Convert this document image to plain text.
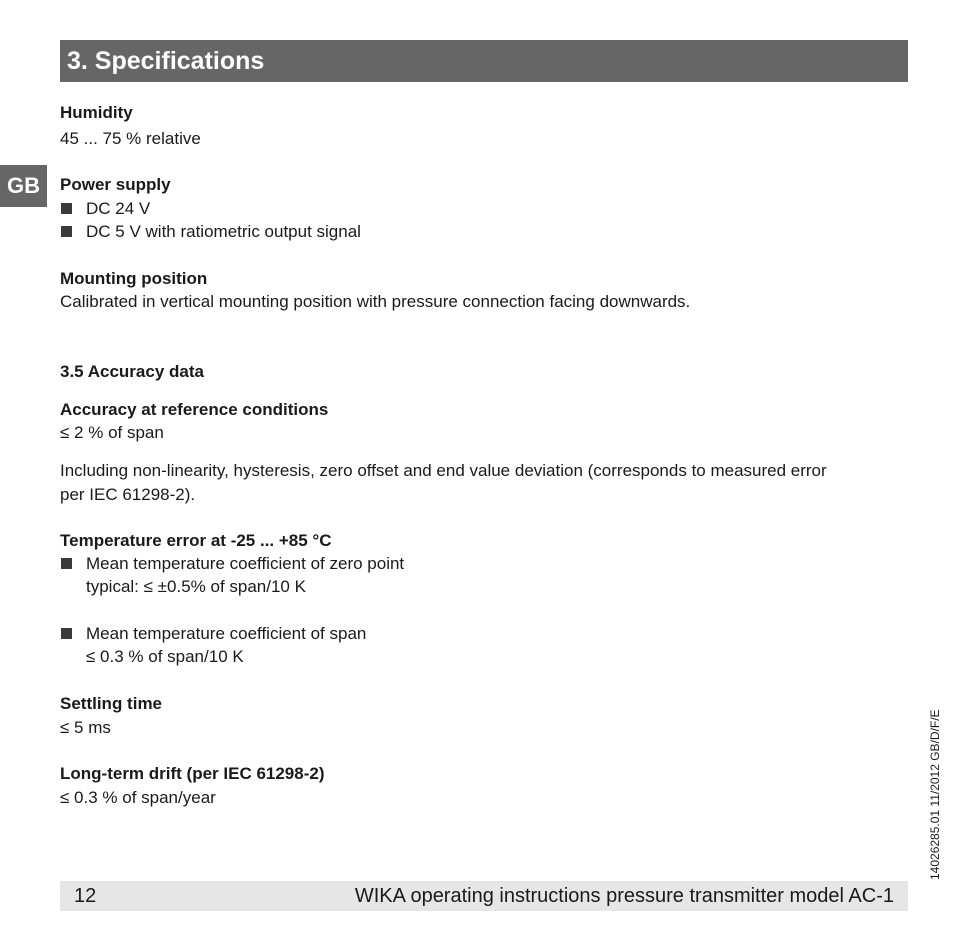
3. Specifications
GB
Humidity
45 ... 75 % relative
Power supply
DC 24 V
DC 5 V with ratiometric output signal
Mounting position
Calibrated in vertical mounting position with pressure connection facing downwards.
3.5 Accuracy data
Accuracy at reference conditions
≤ 2 % of span
Including non-linearity, hysteresis, zero offset and end value deviation (corresponds to measured error
per IEC 61298-2).
Temperature error at -25 ... +85 °C
Mean temperature coefficient of zero point
typical: ≤ ±0.5% of span/10 K
Mean temperature coefficient of span
≤ 0.3 % of span/10 K
Settling time
≤ 5 ms
Long-term drift (per IEC 61298-2)
≤ 0.3 % of span/year	14026285.01 11/2012 GB/D/F/E
12	WIKA operating instructions pressure transmitter model AC-1
